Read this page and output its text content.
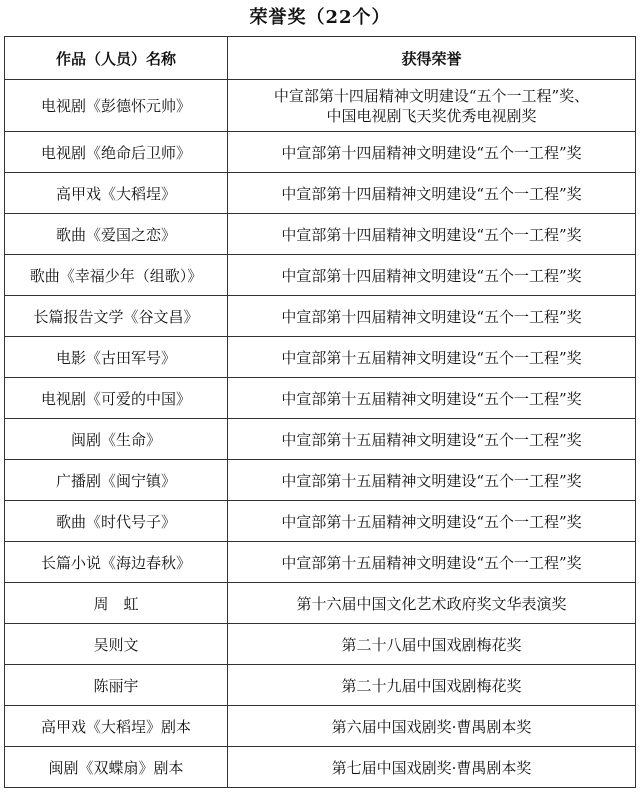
荣誉奖（22个）
作品（人员）名称	获得荣誉
电视剧《彭德怀元帅》	中宣部第十四届精神文明建设“五个一工程”奖、
中国电视剧飞天奖优秀电视剧奖
电视剧《绝命后卫师》	中宣部第十四届精神文明建设“五个一工程”奖
高甲戏《大稻埕》	中宣部第十四届精神文明建设“五个一工程”奖
歌曲《爱国之恋》	中宣部第十四届精神文明建设“五个一工程”奖
歌曲《幸福少年（组歌）》	中宣部第十四届精神文明建设“五个一工程”奖
长篇报告文学《谷文昌》	中宣部第十四届精神文明建设“五个一工程”奖
电影《古田军号》	中宣部第十五届精神文明建设“五个一工程”奖
电视剧《可爱的中国》	中宣部第十五届精神文明建设“五个一工程”奖
闽剧《生命》	中宣部第十五届精神文明建设“五个一工程”奖
广播剧《闽宁镇》	中宣部第十五届精神文明建设“五个一工程”奖
歌曲《时代号子》	中宣部第十五届精神文明建设“五个一工程”奖
长篇小说《海边春秋》	中宣部第十五届精神文明建设“五个一工程”奖
周　虹	第十六届中国文化艺术政府奖文华表演奖
吴则文	第二十八届中国戏剧梅花奖
陈丽宇	第二十九届中国戏剧梅花奖
高甲戏《大稻埕》剧本	第六届中国戏剧奖·曹禺剧本奖
闽剧《双蝶扇》剧本	第七届中国戏剧奖·曹禺剧本奖
